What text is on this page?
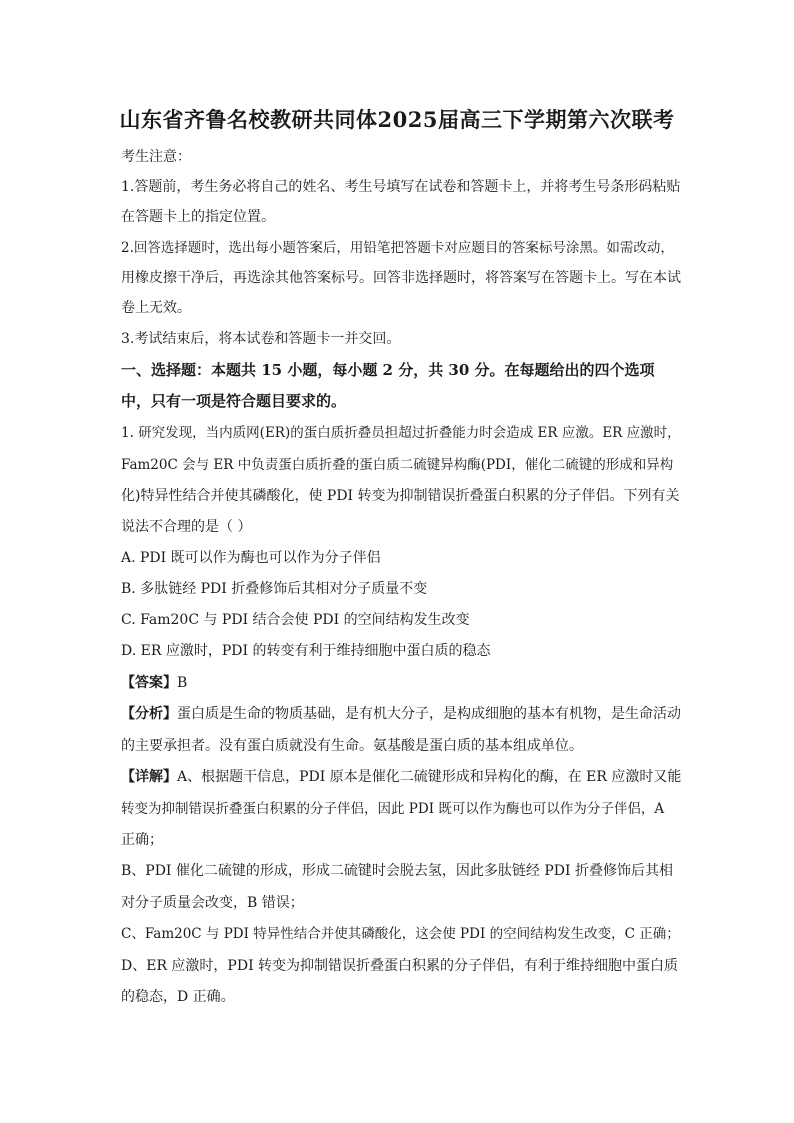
山东省齐鲁名校教研共同体2025届高三下学期第六次联考
考生注意：
1.答题前，考生务必将自己的姓名、考生号填写在试卷和答题卡上，并将考生号条形码粘贴
在答题卡上的指定位置。
2.回答选择题时，选出每小题答案后，用铅笔把答题卡对应题目的答案标号涂黑。如需改动，
用橡皮擦干净后，再选涂其他答案标号。回答非选择题时，将答案写在答题卡上。写在本试
卷上无效。
3.考试结束后，将本试卷和答题卡一并交回。
一、选择题：本题共 15 小题，每小题 2 分，共 30 分。在每题给出的四个选项
中，只有一项是符合题目要求的。
1. 研究发现，当内质网(ER)的蛋白质折叠员担超过折叠能力时会造成 ER 应激。ER 应激时，
Fam20C 会与 ER 中负责蛋白质折叠的蛋白质二硫键异构酶(PDI，催化二硫键的形成和异构
化)特异性结合并使其磷酸化，使 PDI 转变为抑制错误折叠蛋白积累的分子伴侣。下列有关
说法不合理的是（ ）
A. PDI 既可以作为酶也可以作为分子伴侣
B. 多肽链经 PDI 折叠修饰后其相对分子质量不变
C. Fam20C 与 PDI 结合会使 PDI 的空间结构发生改变
D. ER 应激时，PDI 的转变有利于维持细胞中蛋白质的稳态
【答案】B
【分析】蛋白质是生命的物质基础，是有机大分子，是构成细胞的基本有机物，是生命活动
的主要承担者。没有蛋白质就没有生命。氨基酸是蛋白质的基本组成单位。
【详解】A、根据题干信息，PDI 原本是催化二硫键形成和异构化的酶，在 ER 应激时又能
转变为抑制错误折叠蛋白积累的分子伴侣，因此 PDI 既可以作为酶也可以作为分子伴侣，A
正确；
B、PDI 催化二硫键的形成，形成二硫键时会脱去氢，因此多肽链经 PDI 折叠修饰后其相
对分子质量会改变，B 错误；
C、Fam20C 与 PDI 特异性结合并使其磷酸化，这会使 PDI 的空间结构发生改变，C 正确；
D、ER 应激时，PDI 转变为抑制错误折叠蛋白积累的分子伴侣，有利于维持细胞中蛋白质
的稳态，D 正确。
